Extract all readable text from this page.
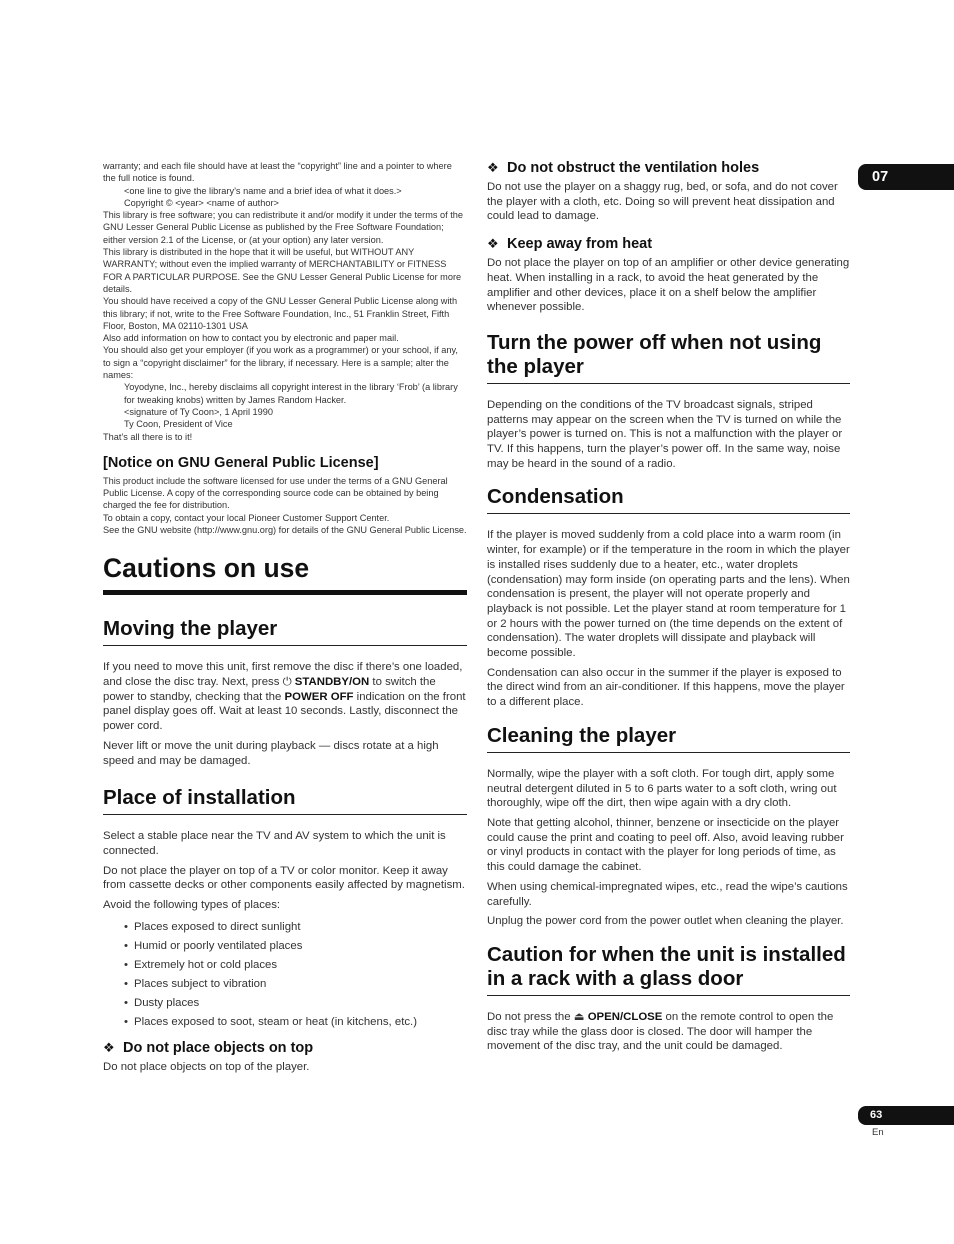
07

warranty; and each file should have at least the “copyright” line and a pointer to where the full notice is found.

<one line to give the library’s name and a brief idea of what it does.>

Copyright © <year> <name of author>

This library is free software; you can redistribute it and/or modify it under the terms of the GNU Lesser General Public License as published by the Free Software Foundation; either version 2.1 of the License, or (at your option) any later version.

This library is distributed in the hope that it will be useful, but WITHOUT ANY WARRANTY; without even the implied warranty of MERCHANTABILITY or FITNESS FOR A PARTICULAR PURPOSE. See the GNU Lesser General Public License for more details.

You should have received a copy of the GNU Lesser General Public License along with this library; if not, write to the Free Software Foundation, Inc., 51 Franklin Street, Fifth Floor, Boston, MA 02110-1301 USA

Also add information on how to contact you by electronic and paper mail.

You should also get your employer (if you work as a programmer) or your school, if any, to sign a “copyright disclaimer” for the library, if necessary. Here is a sample; alter the names:

Yoyodyne, Inc., hereby disclaims all copyright interest in the library ‘Frob’ (a library for tweaking knobs) written by James Random Hacker.

<signature of Ty Coon>, 1 April 1990

Ty Coon, President of Vice

That’s all there is to it!

[Notice on GNU General Public License]

This product include the software licensed for use under the terms of a GNU General Public License. A copy of the corresponding source code can be obtained by being charged the fee for distribution.

To obtain a copy, contact your local Pioneer Customer Support Center.

See the GNU website (http://www.gnu.org) for details of the GNU General Public License.

Cautions on use
Moving the player

If you need to move this unit, first remove the disc if there’s one loaded, and close the disc tray. Next, press ⏻ STANDBY/ON to switch the power to standby, checking that the POWER OFF indication on the front panel display goes off. Wait at least 10 seconds. Lastly, disconnect the power cord.

Never lift or move the unit during playback — discs rotate at a high speed and may be damaged.

Place of installation

Select a stable place near the TV and AV system to which the unit is connected.

Do not place the player on top of a TV or color monitor. Keep it away from cassette decks or other components easily affected by magnetism.

Avoid the following types of places:

• Places exposed to direct sunlight
• Humid or poorly ventilated places
• Extremely hot or cold places
• Places subject to vibration
• Dusty places
• Places exposed to soot, steam or heat (in kitchens, etc.)
❖ Do not place objects on top

Do not place objects on top of the player.

❖ Do not obstruct the ventilation holes

Do not use the player on a shaggy rug, bed, or sofa, and do not cover the player with a cloth, etc. Doing so will prevent heat dissipation and could lead to damage.

❖ Keep away from heat

Do not place the player on top of an amplifier or other device generating heat. When installing in a rack, to avoid the heat generated by the amplifier and other devices, place it on a shelf below the amplifier whenever possible.

Turn the power off when not using the player

Depending on the conditions of the TV broadcast signals, striped patterns may appear on the screen when the TV is turned on while the player’s power is turned on. This is not a malfunction with the player or TV. If this happens, turn the player’s power off. In the same way, noise may be heard in the sound of a radio.

Condensation

If the player is moved suddenly from a cold place into a warm room (in winter, for example) or if the temperature in the room in which the player is installed rises suddenly due to a heater, etc., water droplets (condensation) may form inside (on operating parts and the lens). When condensation is present, the player will not operate properly and playback is not possible. Let the player stand at room temperature for 1 or 2 hours with the power turned on (the time depends on the extent of condensation). The water droplets will dissipate and playback will become possible.

Condensation can also occur in the summer if the player is exposed to the direct wind from an air-conditioner. If this happens, move the player to a different place.

Cleaning the player

Normally, wipe the player with a soft cloth. For tough dirt, apply some neutral detergent diluted in 5 to 6 parts water to a soft cloth, wring out thoroughly, wipe off the dirt, then wipe again with a dry cloth.

Note that getting alcohol, thinner, benzene or insecticide on the player could cause the print and coating to peel off. Also, avoid leaving rubber or vinyl products in contact with the player for long periods of time, as this could damage the cabinet.

When using chemical-impregnated wipes, etc., read the wipe’s cautions carefully.

Unplug the power cord from the power outlet when cleaning the player.

Caution for when the unit is installed in a rack with a glass door

Do not press the ⏏ OPEN/CLOSE on the remote control to open the disc tray while the glass door is closed. The door will hamper the movement of the disc tray, and the unit could be damaged.

63
En
